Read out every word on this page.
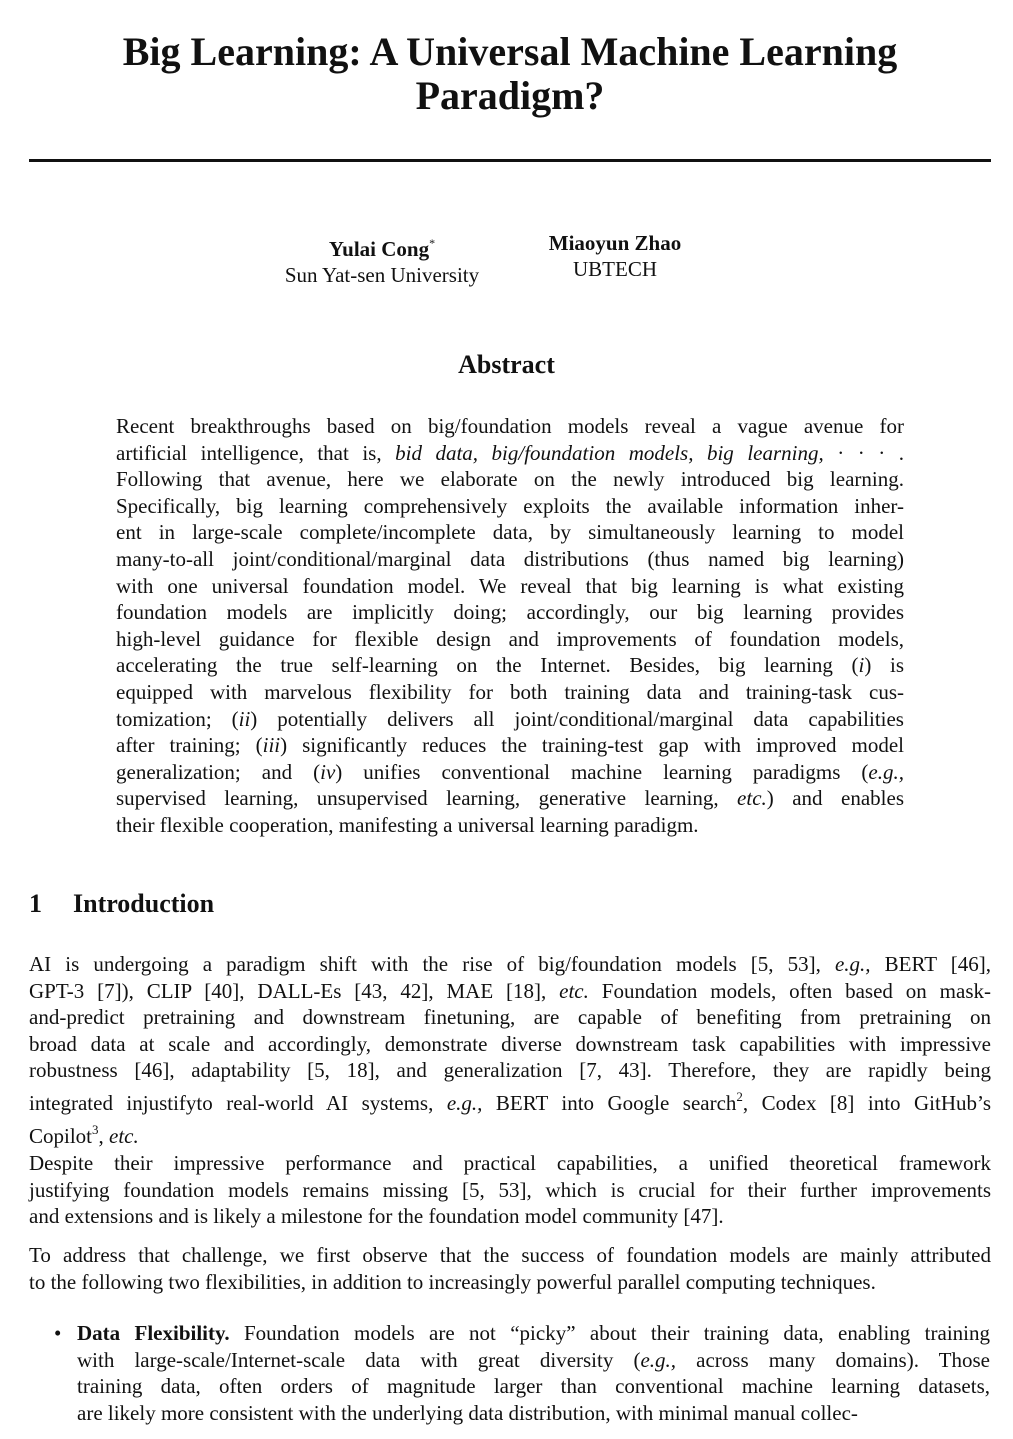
Big Learning: A Universal Machine Learning Paradigm?
Yulai Cong*
Sun Yat-sen University
Miaoyun Zhao
UBTECH
Abstract
Recent breakthroughs based on big/foundation models reveal a vague avenue for
artificial intelligence, that is, bid data, big/foundation models, big learning, · · · .
Following that avenue, here we elaborate on the newly introduced big learning.
Specifically, big learning comprehensively exploits the available information inher-
ent in large-scale complete/incomplete data, by simultaneously learning to model
many-to-all joint/conditional/marginal data distributions (thus named big learning)
with one universal foundation model. We reveal that big learning is what existing
foundation models are implicitly doing; accordingly, our big learning provides
high-level guidance for flexible design and improvements of foundation models,
accelerating the true self-learning on the Internet. Besides, big learning (i) is
equipped with marvelous flexibility for both training data and training-task cus-
tomization; (ii) potentially delivers all joint/conditional/marginal data capabilities
after training; (iii) significantly reduces the training-test gap with improved model
generalization; and (iv) unifies conventional machine learning paradigms (e.g.,
supervised learning, unsupervised learning, generative learning, etc.) and enables
their flexible cooperation, manifesting a universal learning paradigm.
1 Introduction
AI is undergoing a paradigm shift with the rise of big/foundation models [5, 53], e.g., BERT [46],
GPT-3 [7]), CLIP [40], DALL-Es [43, 42], MAE [18], etc. Foundation models, often based on mask-
and-predict pretraining and downstream finetuning, are capable of benefiting from pretraining on
broad data at scale and accordingly, demonstrate diverse downstream task capabilities with impressive
robustness [46], adaptability [5, 18], and generalization [7, 43]. Therefore, they are rapidly being
integrated injustifyto real-world AI systems, e.g., BERT into Google search$^2$, Codex [8] into GitHub’s
Copilot$^3$, etc.
Despite their impressive performance and practical capabilities, a unified theoretical framework
justifying foundation models remains missing [5, 53], which is crucial for their further improvements
and extensions and is likely a milestone for the foundation model community [47].
To address that challenge, we first observe that the success of foundation models are mainly attributed
to the following two flexibilities, in addition to increasingly powerful parallel computing techniques.
• Data Flexibility. Foundation models are not “picky” about their training data, enabling training
with large-scale/Internet-scale data with great diversity (e.g., across many domains). Those
training data, often orders of magnitude larger than conventional machine learning datasets,
are likely more consistent with the underlying data distribution, with minimal manual collec-
